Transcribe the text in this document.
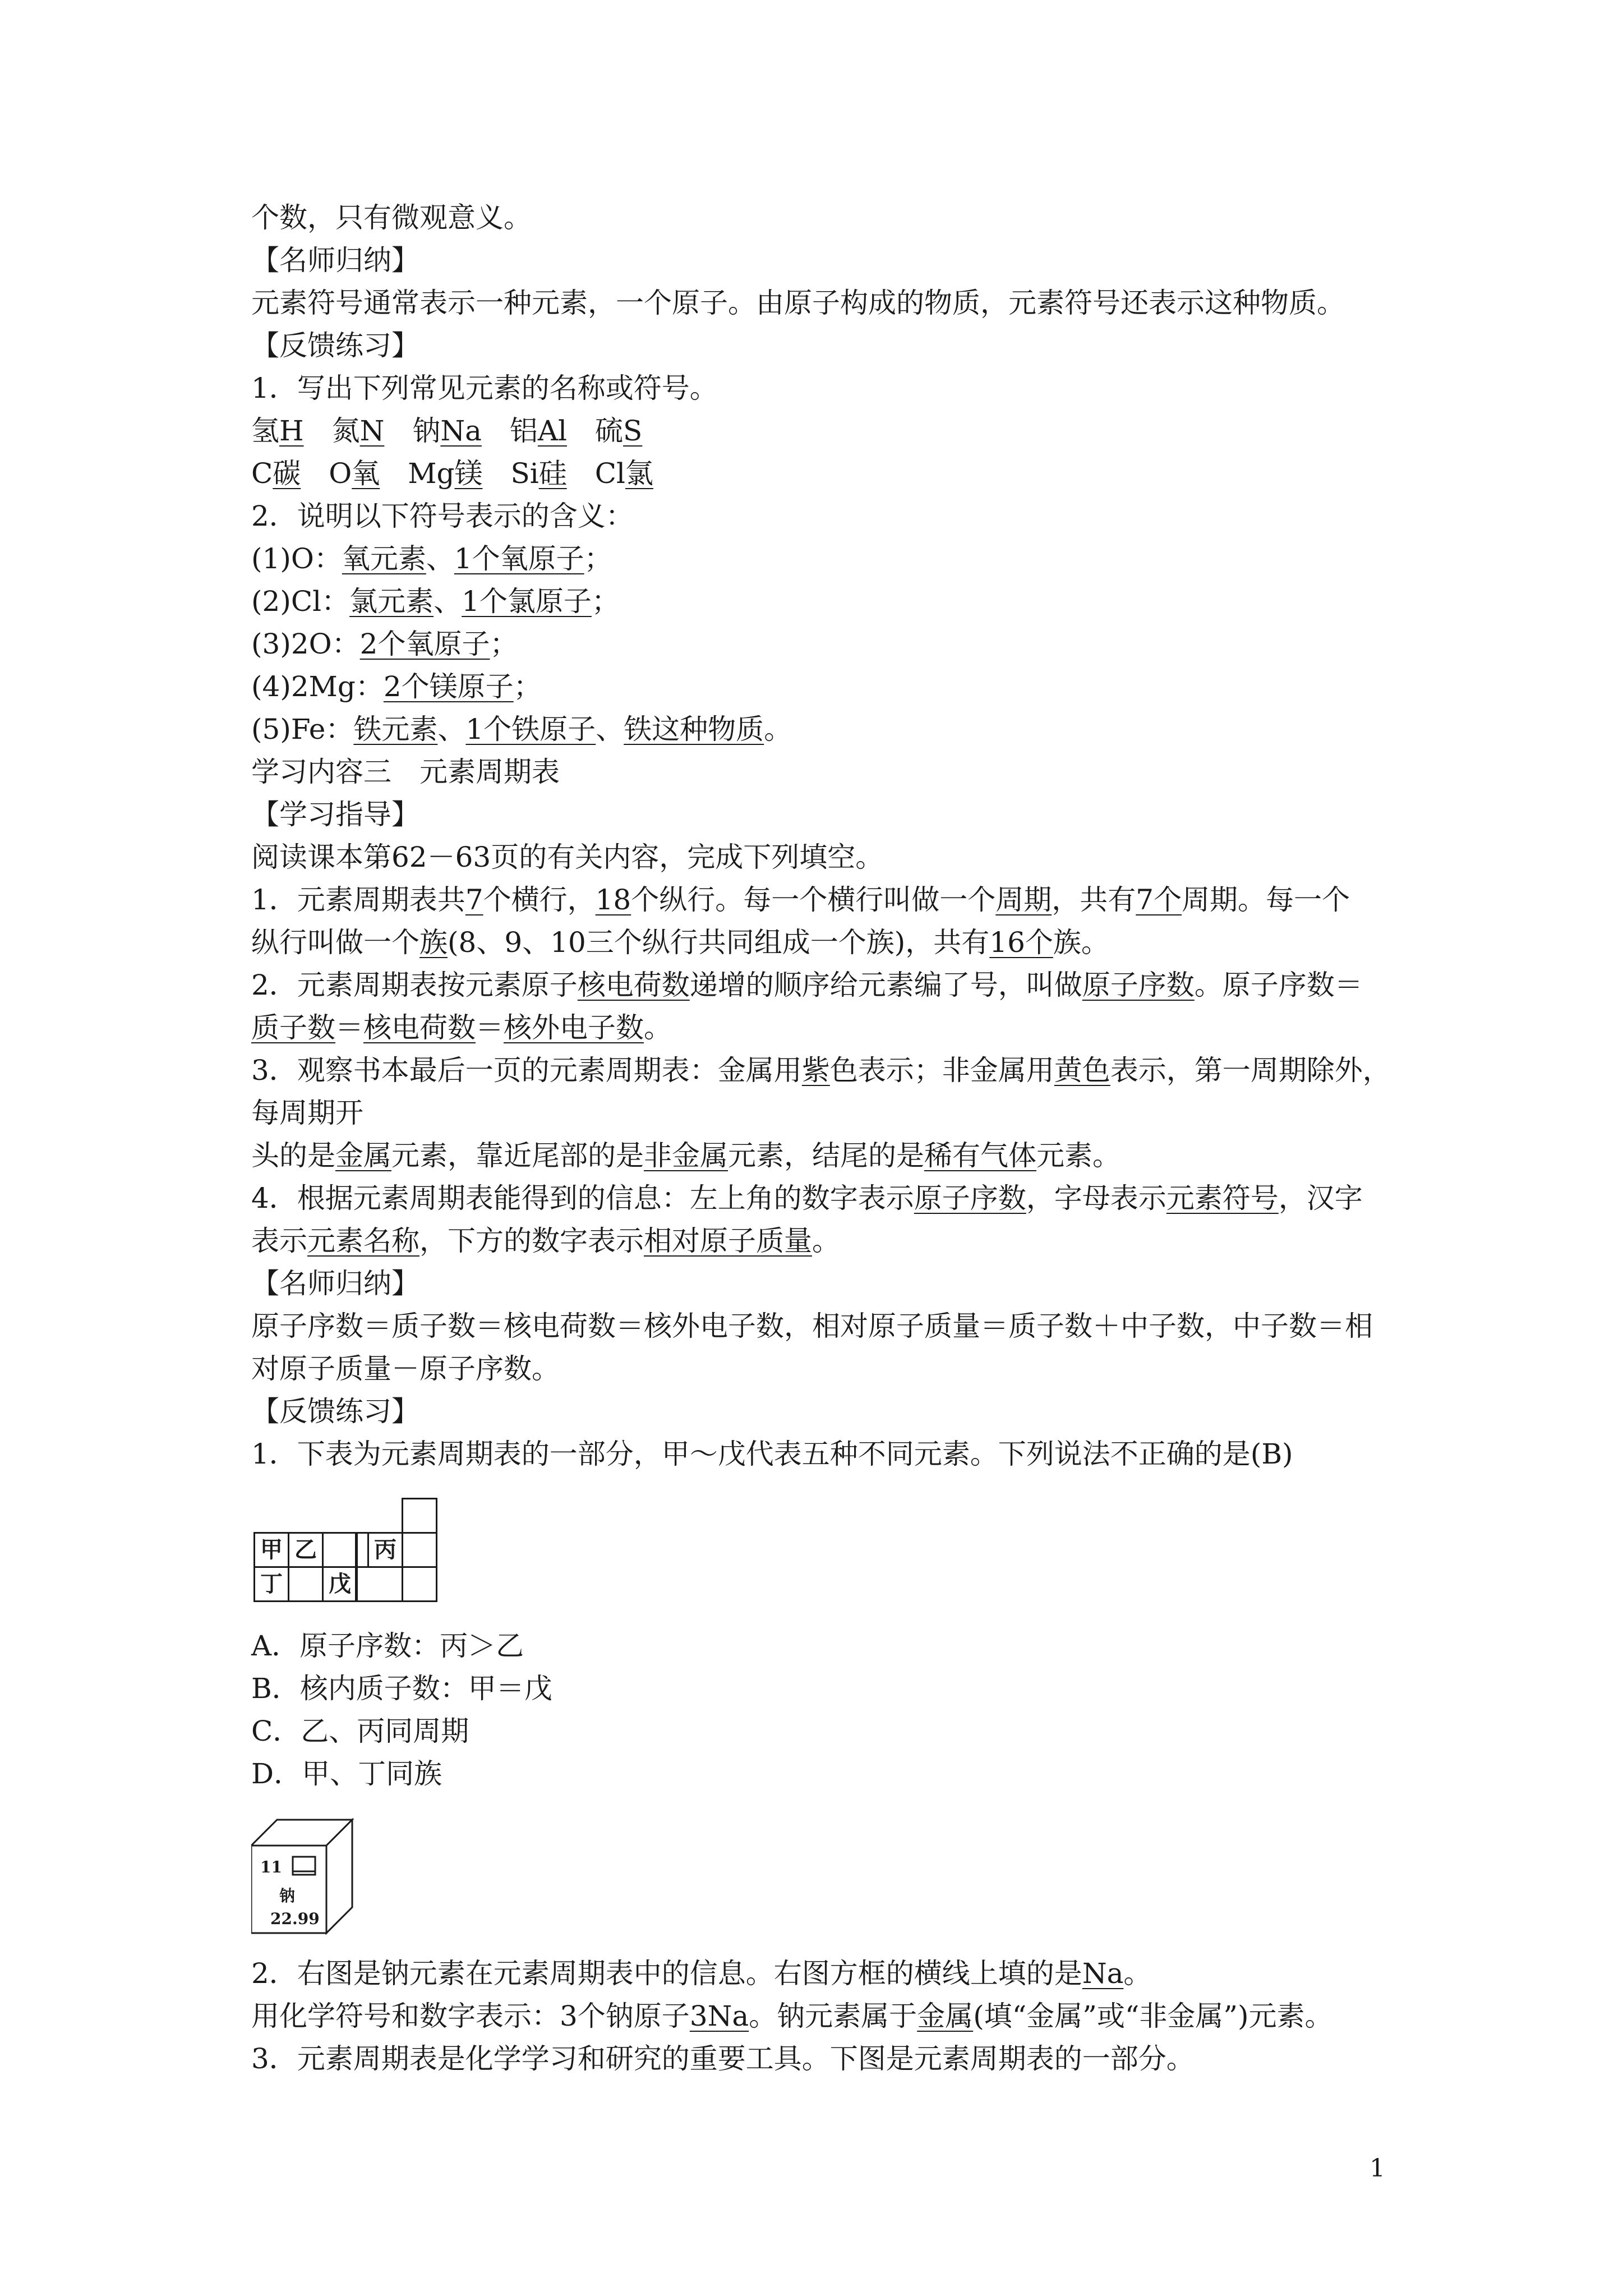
个数，只有微观意义。
【名师归纳】
元素符号通常表示一种元素，一个原子。由原子构成的物质，元素符号还表示这种物质。
【反馈练习】
1．写出下列常见元素的名称或符号。
氢H　 氮N　 钠Na　 铝Al　 硫S
C碳　 O氧　 Mg镁　 Si硅　 Cl氯
2．说明以下符号表示的含义：
(1)O：氧元素、1个氧原子；
(2)Cl：氯元素、1个氯原子；
(3)2O：2个氧原子；
(4)2Mg：2个镁原子；
(5)Fe：铁元素、1个铁原子、铁这种物质。
学习内容三　元素周期表
【学习指导】
阅读课本第62－63页的有关内容，完成下列填空。
1．元素周期表共7个横行，18个纵行。每一个横行叫做一个周期，共有7个周期。每一个
纵行叫做一个族(8、9、10三个纵行共同组成一个族)，共有16个族。
2．元素周期表按元素原子核电荷数递增的顺序给元素编了号，叫做原子序数。原子序数＝
质子数＝核电荷数＝核外电子数。
3．观察书本最后一页的元素周期表：金属用紫色表示；非金属用黄色表示，第一周期除外，
每周期开
头的是金属元素，靠近尾部的是非金属元素，结尾的是稀有气体元素。
4．根据元素周期表能得到的信息：左上角的数字表示原子序数，字母表示元素符号，汉字
表示元素名称，下方的数字表示相对原子质量。
【名师归纳】
原子序数＝质子数＝核电荷数＝核外电子数，相对原子质量＝质子数＋中子数，中子数＝相
对原子质量－原子序数。
【反馈练习】
1．下表为元素周期表的一部分，甲～戊代表五种不同元素。下列说法不正确的是(B)
甲 乙	丙
丁	戊
A．原子序数：丙＞乙
B．核内质子数：甲＝戊
C．乙、丙同周期
D．甲、丁同族
11
钠
22.99
2．右图是钠元素在元素周期表中的信息。右图方框的横线上填的是Na。
用化学符号和数字表示：3个钠原子3Na。钠元素属于金属(填“金属”或“非金属”)元素。
3．元素周期表是化学学习和研究的重要工具。下图是元素周期表的一部分。
1
